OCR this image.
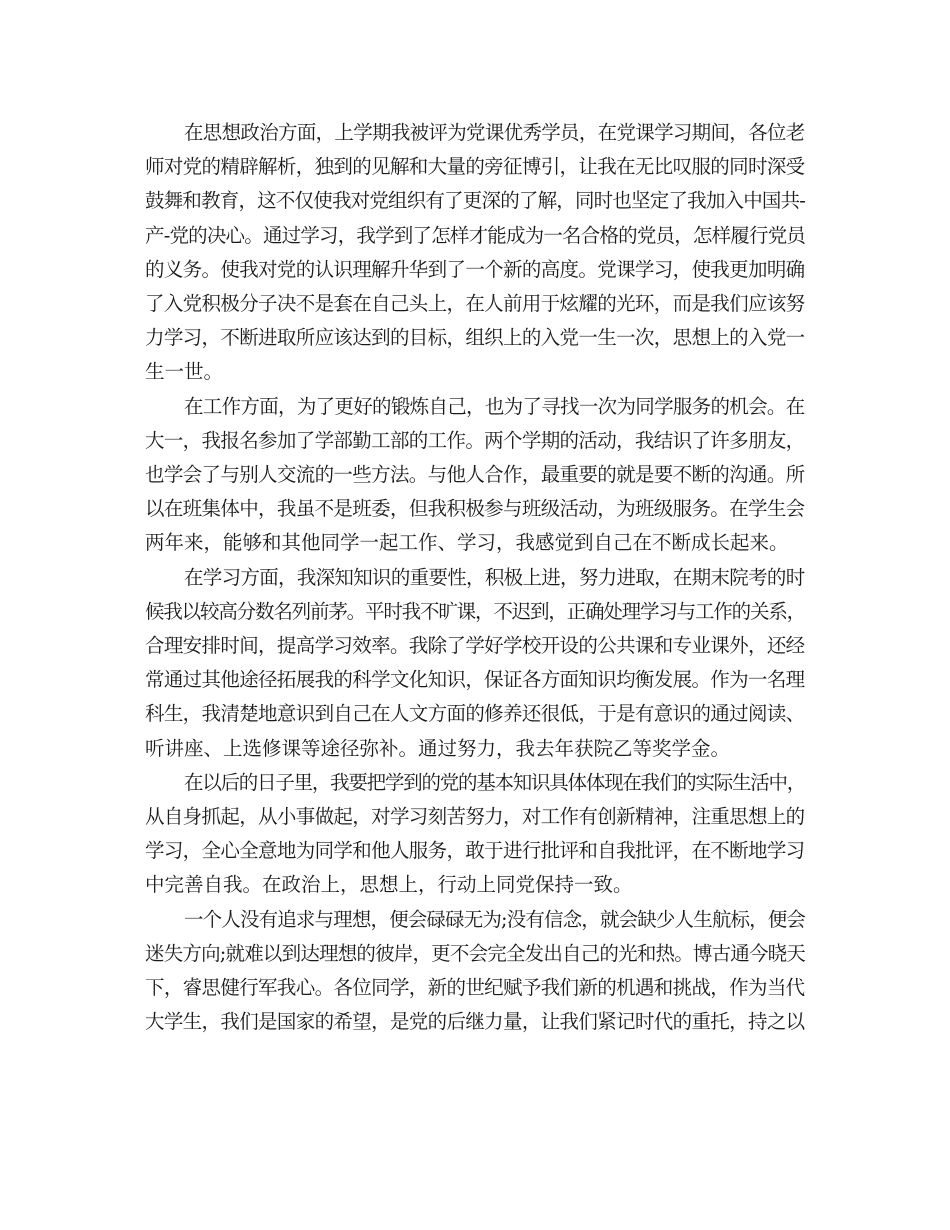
在思想政治方面，上学期我被评为党课优秀学员，在党课学习期间，各位老
师对党的精辟解析，独到的见解和大量的旁征博引，让我在无比叹服的同时深受
鼓舞和教育，这不仅使我对党组织有了更深的了解，同时也坚定了我加入中国共-
产-党的决心。通过学习，我学到了怎样才能成为一名合格的党员，怎样履行党员
的义务。使我对党的认识理解升华到了一个新的高度。党课学习，使我更加明确
了入党积极分子决不是套在自己头上，在人前用于炫耀的光环，而是我们应该努
力学习，不断进取所应该达到的目标，组织上的入党一生一次，思想上的入党一
生一世。
在工作方面，为了更好的锻炼自己，也为了寻找一次为同学服务的机会。在
大一，我报名参加了学部勤工部的工作。两个学期的活动，我结识了许多朋友，
也学会了与别人交流的一些方法。与他人合作，最重要的就是要不断的沟通。所
以在班集体中，我虽不是班委，但我积极参与班级活动，为班级服务。在学生会
两年来，能够和其他同学一起工作、学习，我感觉到自己在不断成长起来。
在学习方面，我深知知识的重要性，积极上进，努力进取，在期末院考的时
候我以较高分数名列前茅。平时我不旷课，不迟到，正确处理学习与工作的关系，
合理安排时间，提高学习效率。我除了学好学校开设的公共课和专业课外，还经
常通过其他途径拓展我的科学文化知识，保证各方面知识均衡发展。作为一名理
科生，我清楚地意识到自己在人文方面的修养还很低，于是有意识的通过阅读、
听讲座、上选修课等途径弥补。通过努力，我去年获院乙等奖学金。
在以后的日子里，我要把学到的党的基本知识具体体现在我们的实际生活中，
从自身抓起，从小事做起，对学习刻苦努力，对工作有创新精神，注重思想上的
学习，全心全意地为同学和他人服务，敢于进行批评和自我批评，在不断地学习
中完善自我。在政治上，思想上，行动上同党保持一致。
一个人没有追求与理想，便会碌碌无为;没有信念，就会缺少人生航标，便会
迷失方向;就难以到达理想的彼岸，更不会完全发出自己的光和热。博古通今晓天
下，睿思健行军我心。各位同学，新的世纪赋予我们新的机遇和挑战，作为当代
大学生，我们是国家的希望，是党的后继力量，让我们紧记时代的重托，持之以
